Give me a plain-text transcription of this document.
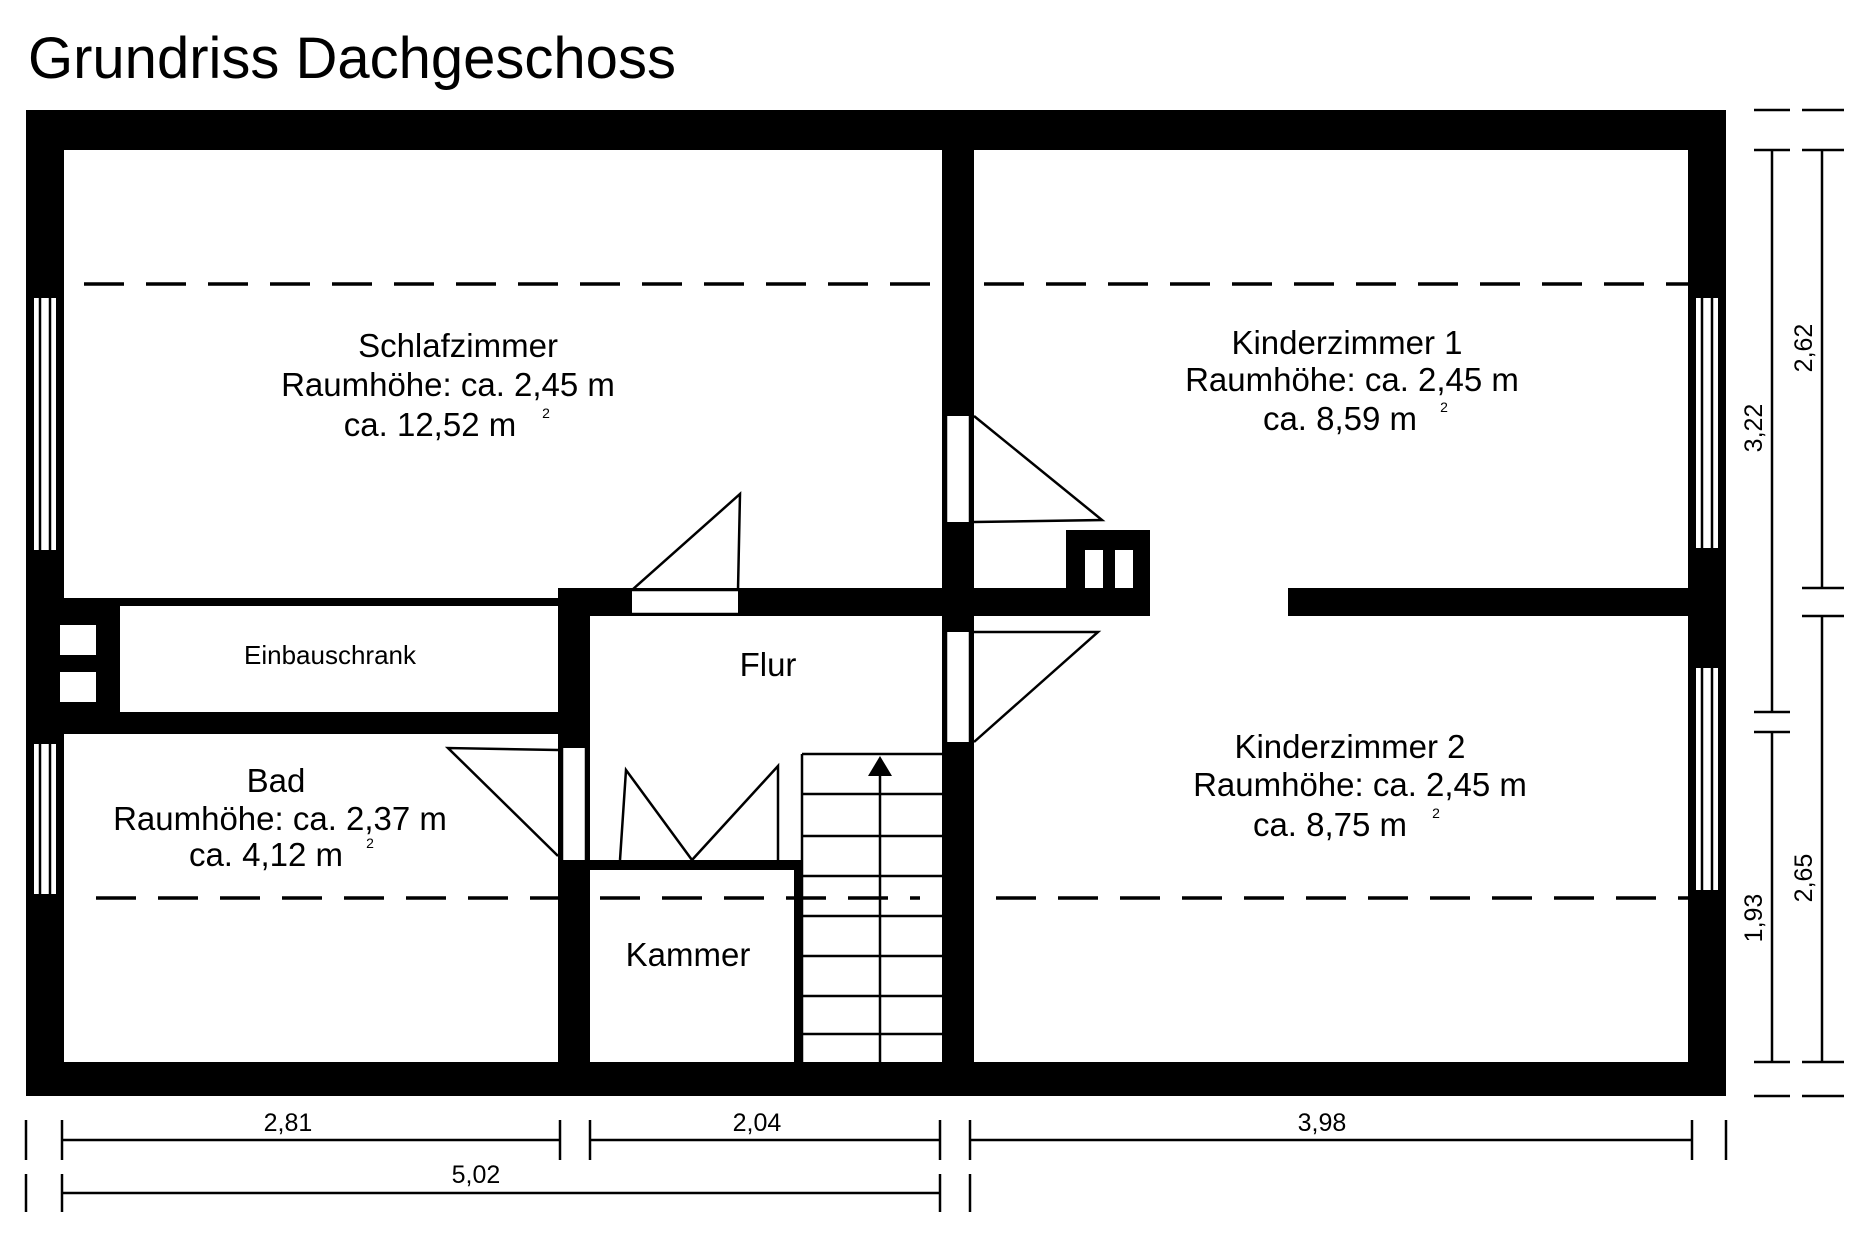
Grundriss Dachgeschoss
Schlafzimmer
Raumhöhe: ca. 2,45 m
ca. 12,52 m 2
Kinderzimmer 1
Raumhöhe: ca. 2,45 m
ca. 8,59 m 2
Kinderzimmer 2
Raumhöhe: ca. 2,45 m
ca. 8,75 m 2
Bad
Raumhöhe: ca. 2,37 m
ca. 4,12 m 2
Einbauschrank	Flur
Kammer
2,81	2,04	3,98
5,02
3,22
1,93
2,62
2,65
